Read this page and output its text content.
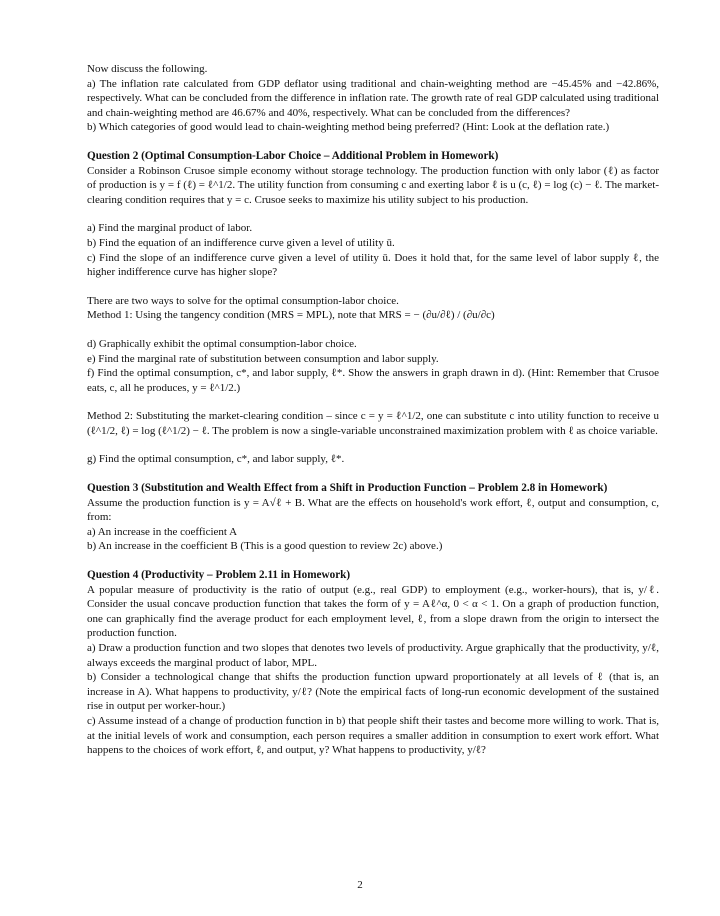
Now discuss the following.

a) The inflation rate calculated from GDP deflator using traditional and chain-weighting method are −45.45% and −42.86%, respectively. What can be concluded from the difference in inflation rate. The growth rate of real GDP calculated using traditional and chain-weighting method are 46.67% and 40%, respectively. What can be concluded from the differences?

b) Which categories of good would lead to chain-weighting method being preferred? (Hint: Look at the deflation rate.)

Question 2 (Optimal Consumption-Labor Choice – Additional Problem in Homework)

Consider a Robinson Crusoe simple economy without storage technology. The production function with only labor (ℓ) as factor of production is y = f (ℓ) = ℓ^1/2. The utility function from consuming c and exerting labor ℓ is u (c, ℓ) = log (c) − ℓ. The market-clearing condition requires that y = c. Crusoe seeks to maximize his utility subject to his production.

a) Find the marginal product of labor.

b) Find the equation of an indifference curve given a level of utility ū.

c) Find the slope of an indifference curve given a level of utility ū. Does it hold that, for the same level of labor supply ℓ, the higher indifference curve has higher slope?

There are two ways to solve for the optimal consumption-labor choice.

Method 1: Using the tangency condition (MRS = MPL), note that MRS = − (∂u/∂ℓ) / (∂u/∂c)

d) Graphically exhibit the optimal consumption-labor choice.

e) Find the marginal rate of substitution between consumption and labor supply.

f) Find the optimal consumption, c*, and labor supply, ℓ*. Show the answers in graph drawn in d). (Hint: Remember that Crusoe eats, c, all he produces, y = ℓ^1/2.)

Method 2: Substituting the market-clearing condition – since c = y = ℓ^1/2, one can substitute c into utility function to receive u (ℓ^1/2, ℓ) = log (ℓ^1/2) − ℓ. The problem is now a single-variable unconstrained maximization problem with ℓ as choice variable.

g) Find the optimal consumption, c*, and labor supply, ℓ*.

Question 3 (Substitution and Wealth Effect from a Shift in Production Function – Problem 2.8 in Homework)

Assume the production function is y = A√ℓ + B. What are the effects on household's work effort, ℓ, output and consumption, c, from:

a) An increase in the coefficient A

b) An increase in the coefficient B (This is a good question to review 2c) above.)

Question 4 (Productivity – Problem 2.11 in Homework)

A popular measure of productivity is the ratio of output (e.g., real GDP) to employment (e.g., worker-hours), that is, y/ℓ. Consider the usual concave production function that takes the form of y = Aℓ^α, 0 < α < 1. On a graph of production function, one can graphically find the average product for each employment level, ℓ, from a slope drawn from the origin to intersect the production function.

a) Draw a production function and two slopes that denotes two levels of productivity. Argue graphically that the productivity, y/ℓ, always exceeds the marginal product of labor, MPL.

b) Consider a technological change that shifts the production function upward proportionately at all levels of ℓ (that is, an increase in A). What happens to productivity, y/ℓ? (Note the empirical facts of long-run economic development of the sustained rise in output per worker-hour.)

c) Assume instead of a change of production function in b) that people shift their tastes and become more willing to work. That is, at the initial levels of work and consumption, each person requires a smaller addition in consumption to exert work effort. What happens to the choices of work effort, ℓ, and output, y? What happens to productivity, y/ℓ?

2
